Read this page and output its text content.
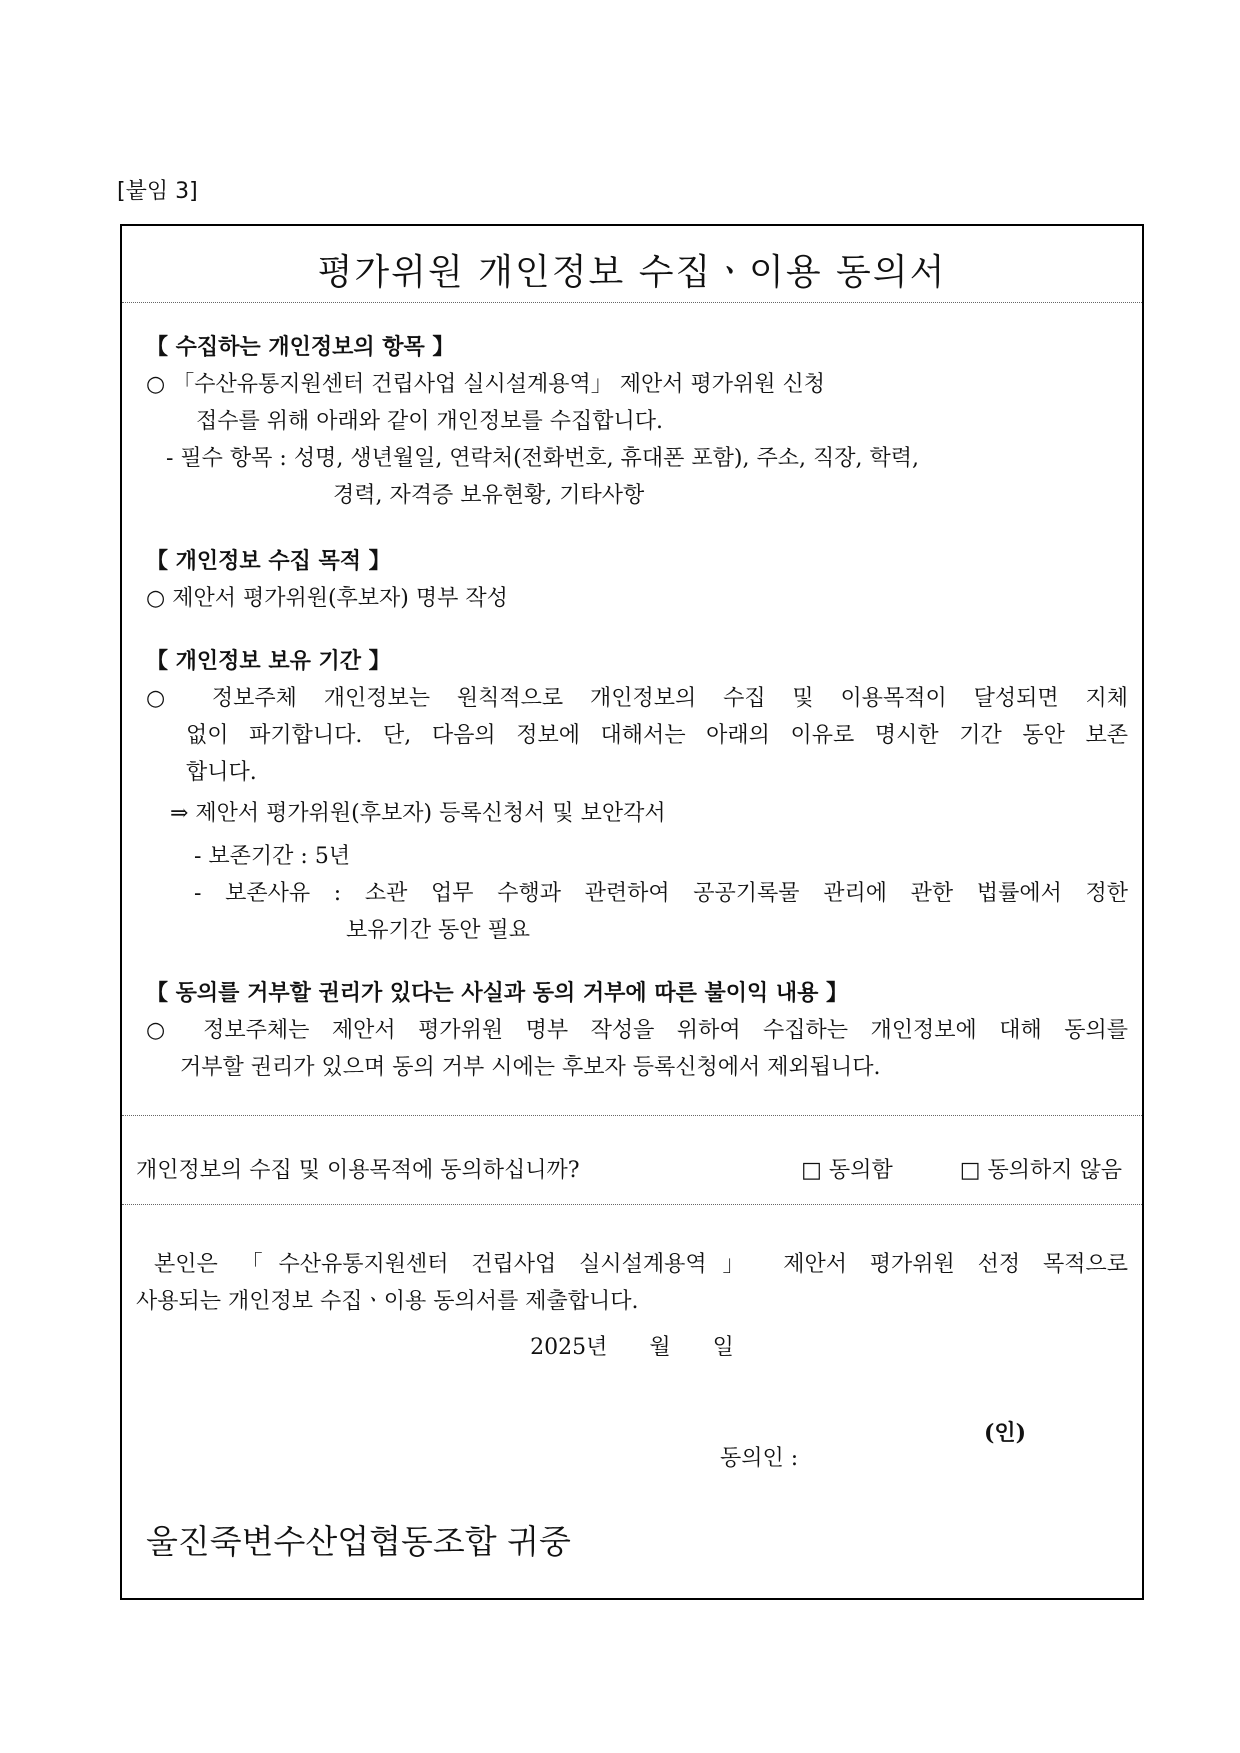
[붙임 3]
평가위원 개인정보 수집ㆍ이용 동의서
【 수집하는 개인정보의 항목 】
○ 「수산유통지원센터 건립사업 실시설계용역」 제안서 평가위원 신청
접수를 위해 아래와 같이 개인정보를 수집합니다.
- 필수 항목 : 성명, 생년월일, 연락처(전화번호, 휴대폰 포함), 주소, 직장, 학력,
경력, 자격증 보유현황, 기타사항
【 개인정보 수집 목적 】
○ 제안서 평가위원(후보자) 명부 작성
【 개인정보 보유 기간 】
○ 정보주체 개인정보는 원칙적으로 개인정보의 수집 및 이용목적이 달성되면 지체
없이 파기합니다. 단, 다음의 정보에 대해서는 아래의 이유로 명시한 기간 동안 보존
합니다.
⇒ 제안서 평가위원(후보자) 등록신청서 및 보안각서
- 보존기간 : 5년
- 보존사유 : 소관 업무 수행과 관련하여 공공기록물 관리에 관한 법률에서 정한
보유기간 동안 필요
【 동의를 거부할 권리가 있다는 사실과 동의 거부에 따른 불이익 내용 】
○ 정보주체는 제안서 평가위원 명부 작성을 위하여 수집하는 개인정보에 대해 동의를
거부할 권리가 있으며 동의 거부 시에는 후보자 등록신청에서 제외됩니다.
개인정보의 수집 및 이용목적에 동의하십니까?	□ 동의함	□ 동의하지 않음
본인은 「수산유통지원센터 건립사업 실시설계용역」 제안서 평가위원 선정 목적으로
사용되는 개인정보 수집ㆍ이용 동의서를 제출합니다.
2025년      월      일

동의인 :

(인)

울진죽변수산업협동조합 귀중
